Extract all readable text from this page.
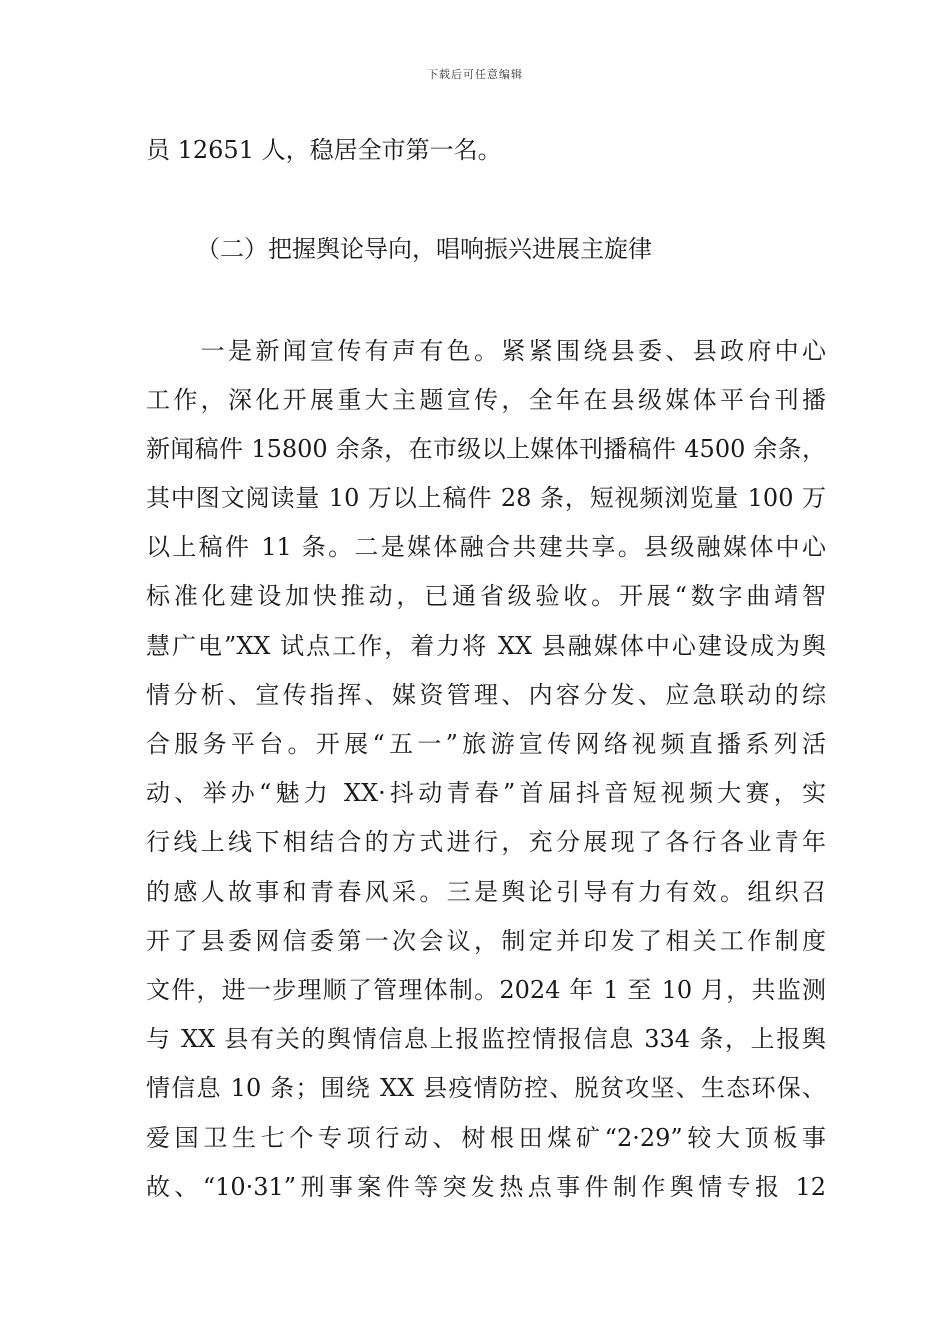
下载后可任意编辑
员 12651 人，稳居全市第一名。
（二）把握舆论导向，唱响振兴进展主旋律
　　一是新闻宣传有声有色。紧紧围绕县委、县政府中心
工作，深化开展重大主题宣传，全年在县级媒体平台刊播
新闻稿件 15800 余条，在市级以上媒体刊播稿件 4500 余条，
其中图文阅读量 10 万以上稿件 28 条，短视频浏览量 100 万
以上稿件 11 条。二是媒体融合共建共享。县级融媒体中心
标准化建设加快推动，已通省级验收。开展“数字曲靖智
慧广电”XX 试点工作，着力将 XX 县融媒体中心建设成为舆
情分析、宣传指挥、媒资管理、内容分发、应急联动的综
合服务平台。开展“五一”旅游宣传网络视频直播系列活
动、举办“魅力 XX·抖动青春”首届抖音短视频大赛，实
行线上线下相结合的方式进行，充分展现了各行各业青年
的感人故事和青春风采。三是舆论引导有力有效。组织召
开了县委网信委第一次会议，制定并印发了相关工作制度
文件，进一步理顺了管理体制。2024 年 1 至 10 月，共监测
与 XX 县有关的舆情信息上报监控情报信息 334 条，上报舆
情信息 10 条；围绕 XX 县疫情防控、脱贫攻坚、生态环保、
爱国卫生七个专项行动、树根田煤矿“2·29”较大顶板事
故、“10·31”刑事案件等突发热点事件制作舆情专报 12
